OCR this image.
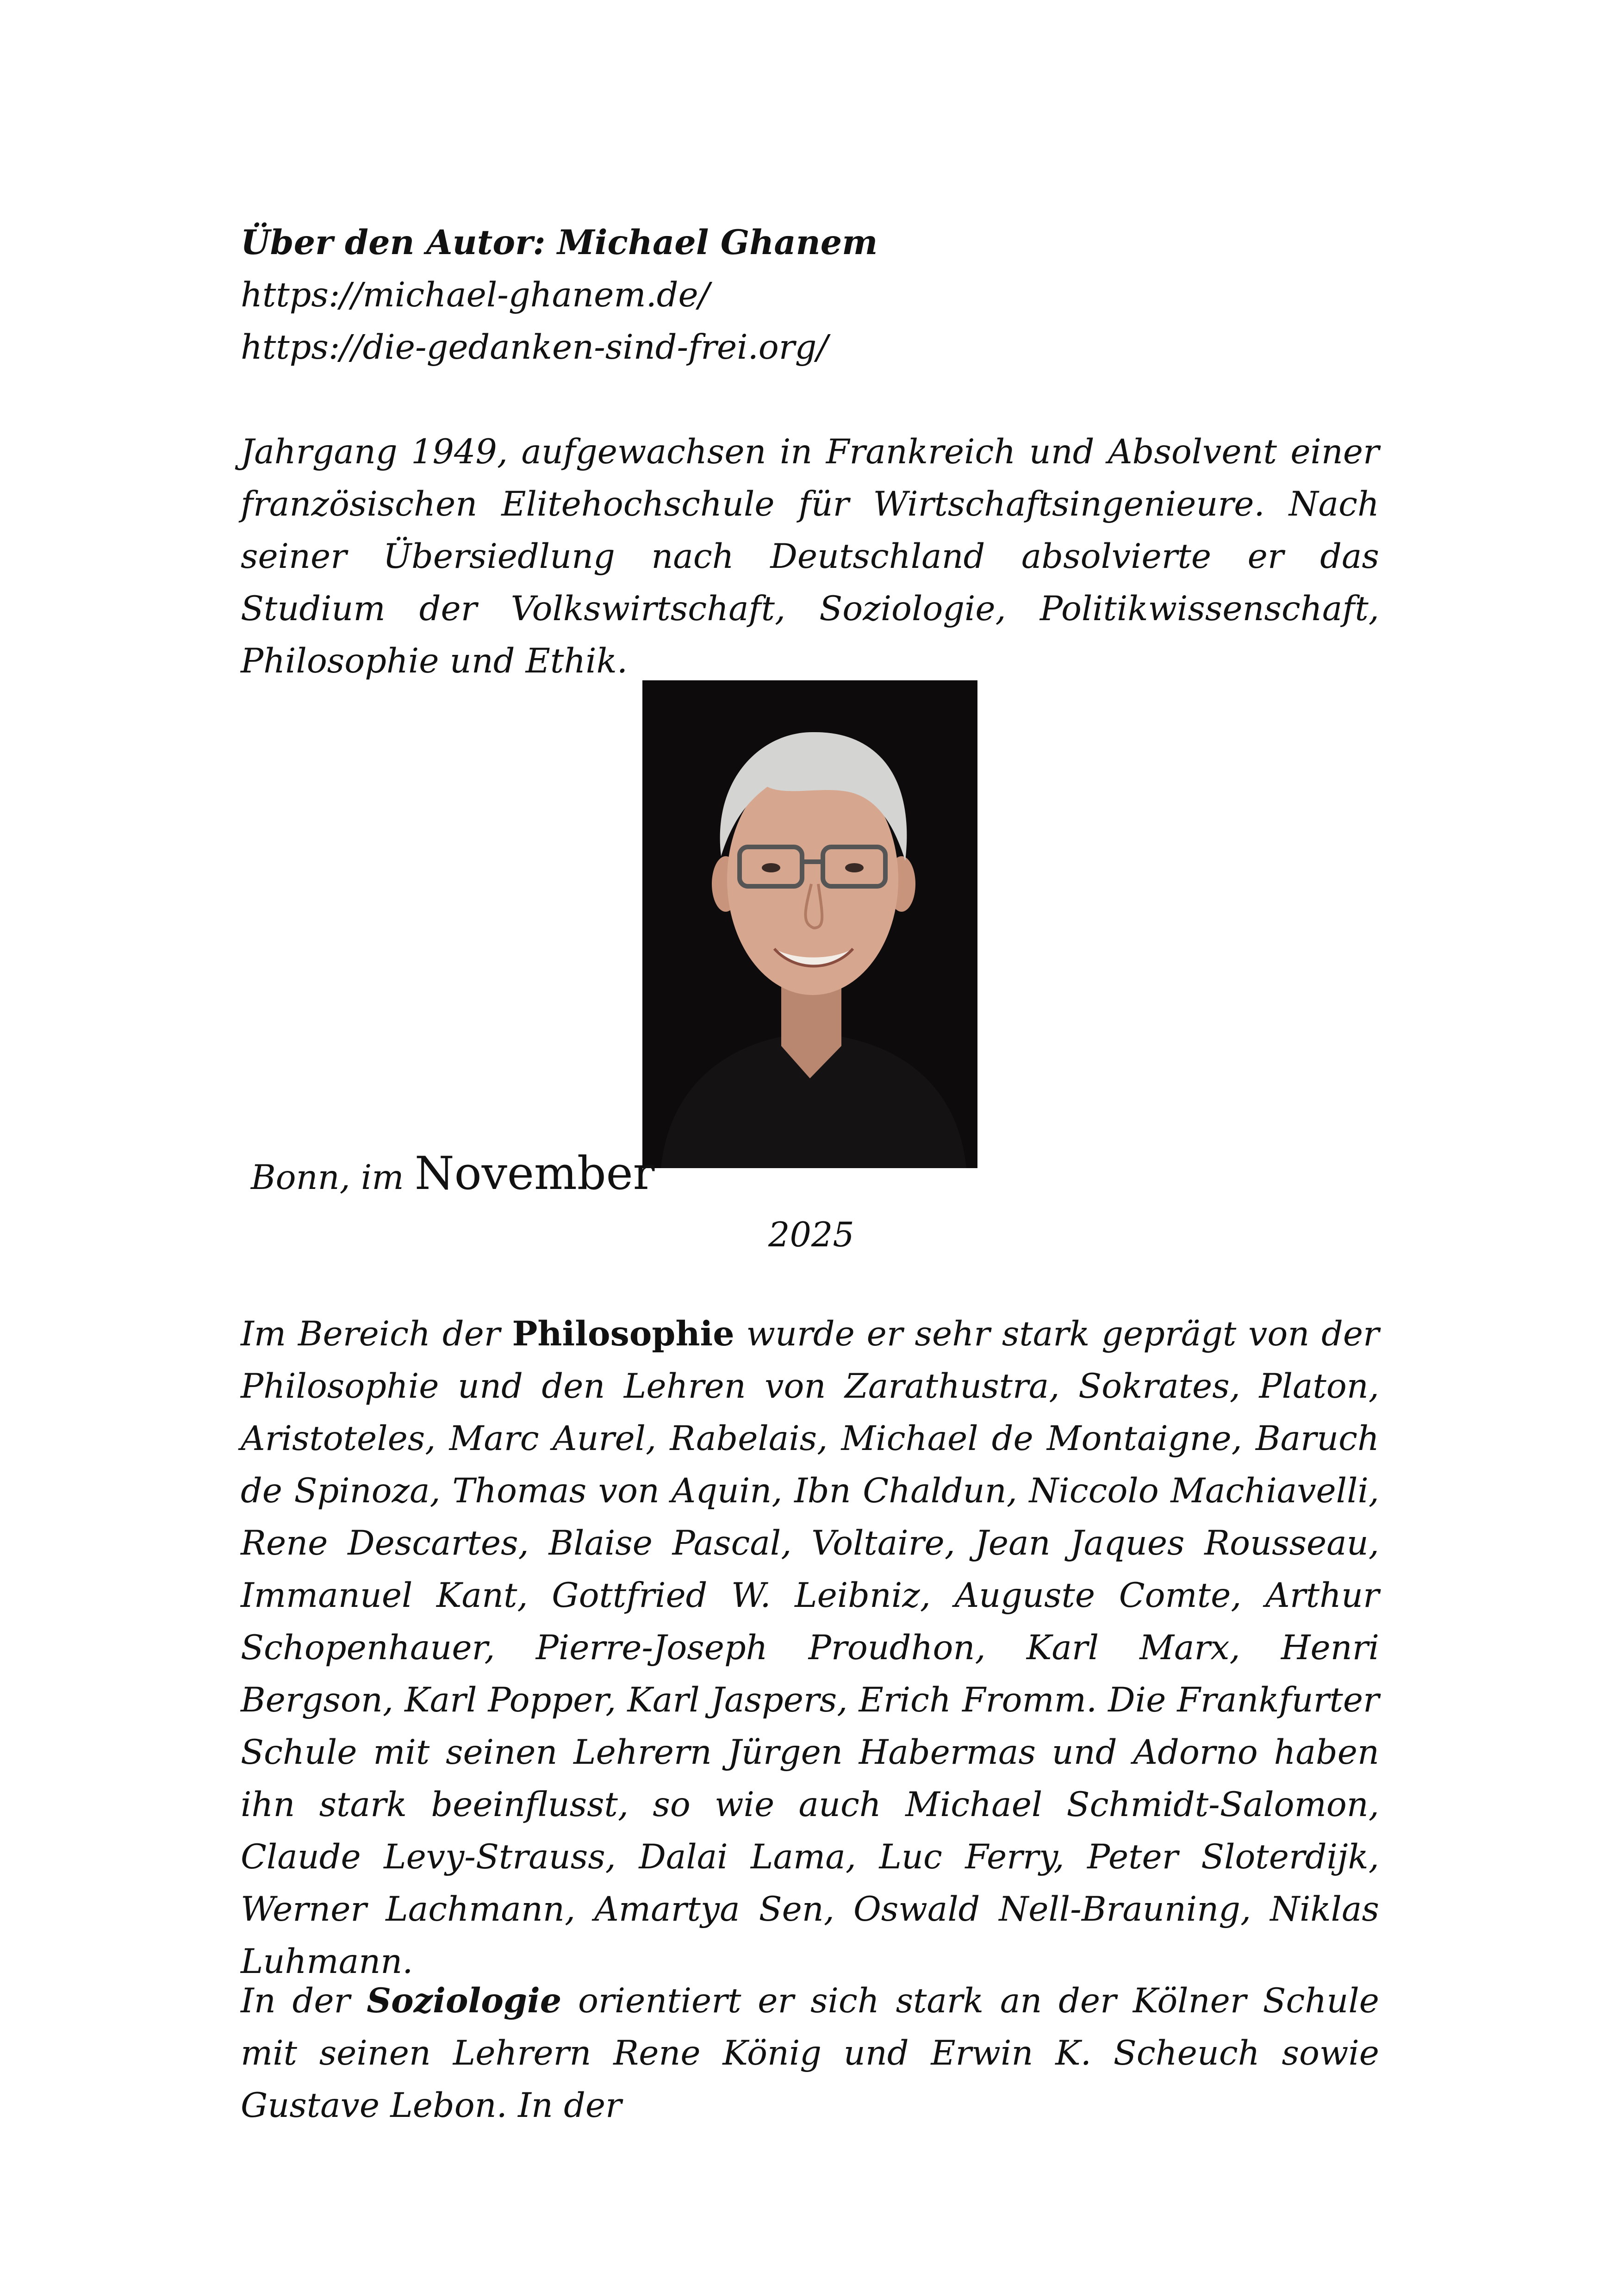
Über den Autor: Michael Ghanem
https://michael-ghanem.de/
https://die-gedanken-sind-frei.org/
Jahrgang 1949, aufgewachsen in Frankreich und Absolvent einer französischen Elitehochschule für Wirtschaftsingenieure. Nach seiner Übersiedlung nach Deutschland absolvierte er das Studium der Volkswirtschaft, Soziologie, Politikwissenschaft, Philosophie und Ethik.
Bonn, im November
2025
Im Bereich der Philosophie wurde er sehr stark geprägt von der Philosophie und den Lehren von Zarathustra, Sokrates, Platon, Aristoteles, Marc Aurel, Rabelais, Michael de Montaigne, Baruch de Spinoza, Thomas von Aquin, Ibn Chaldun, Niccolo Machiavelli, Rene Descartes, Blaise Pascal, Voltaire, Jean Jaques Rousseau, Immanuel Kant, Gottfried W. Leibniz, Auguste Comte, Arthur Schopenhauer, Pierre-Joseph Proudhon, Karl Marx, Henri Bergson, Karl Popper, Karl Jaspers, Erich Fromm. Die Frankfurter Schule mit seinen Lehrern Jürgen Habermas und Adorno haben ihn stark beeinflusst, so wie auch Michael Schmidt-Salomon, Claude Levy-Strauss, Dalai Lama, Luc Ferry, Peter Sloterdijk, Werner Lachmann, Amartya Sen, Oswald Nell-Brauning, Niklas Luhmann.
In der Soziologie orientiert er sich stark an der Kölner Schule mit seinen Lehrern Rene König und Erwin K. Scheuch sowie Gustave Lebon. In der
